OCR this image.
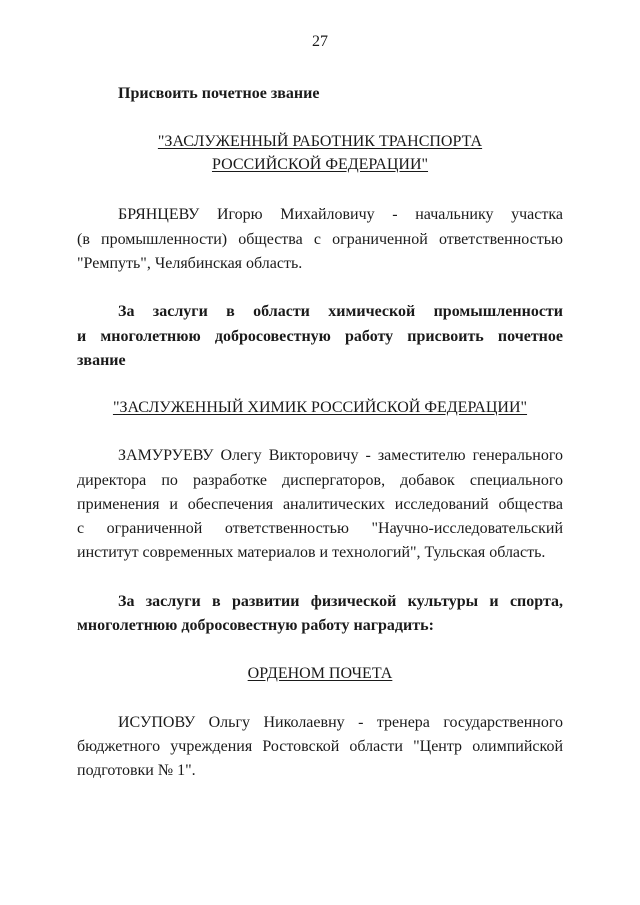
27
Присвоить почетное звание
"ЗАСЛУЖЕННЫЙ РАБОТНИК ТРАНСПОРТА
РОССИЙСКОЙ ФЕДЕРАЦИИ"
БРЯНЦЕВУ Игорю Михайловичу - начальнику участка
(в промышленности) общества с ограниченной ответственностью
"Ремпуть", Челябинская область.
За заслуги в области химической промышленности
и многолетнюю добросовестную работу присвоить почетное
звание
"ЗАСЛУЖЕННЫЙ ХИМИК РОССИЙСКОЙ ФЕДЕРАЦИИ"
ЗАМУРУЕВУ Олегу Викторовичу - заместителю генерального
директора по разработке диспергаторов, добавок специального
применения и обеспечения аналитических исследований общества
с ограниченной ответственностью "Научно-исследовательский
институт современных материалов и технологий", Тульская область.
За заслуги в развитии физической культуры и спорта,
многолетнюю добросовестную работу наградить:
ОРДЕНОМ ПОЧЕТА
ИСУПОВУ Ольгу Николаевну - тренера государственного
бюджетного учреждения Ростовской области "Центр олимпийской
подготовки № 1".
